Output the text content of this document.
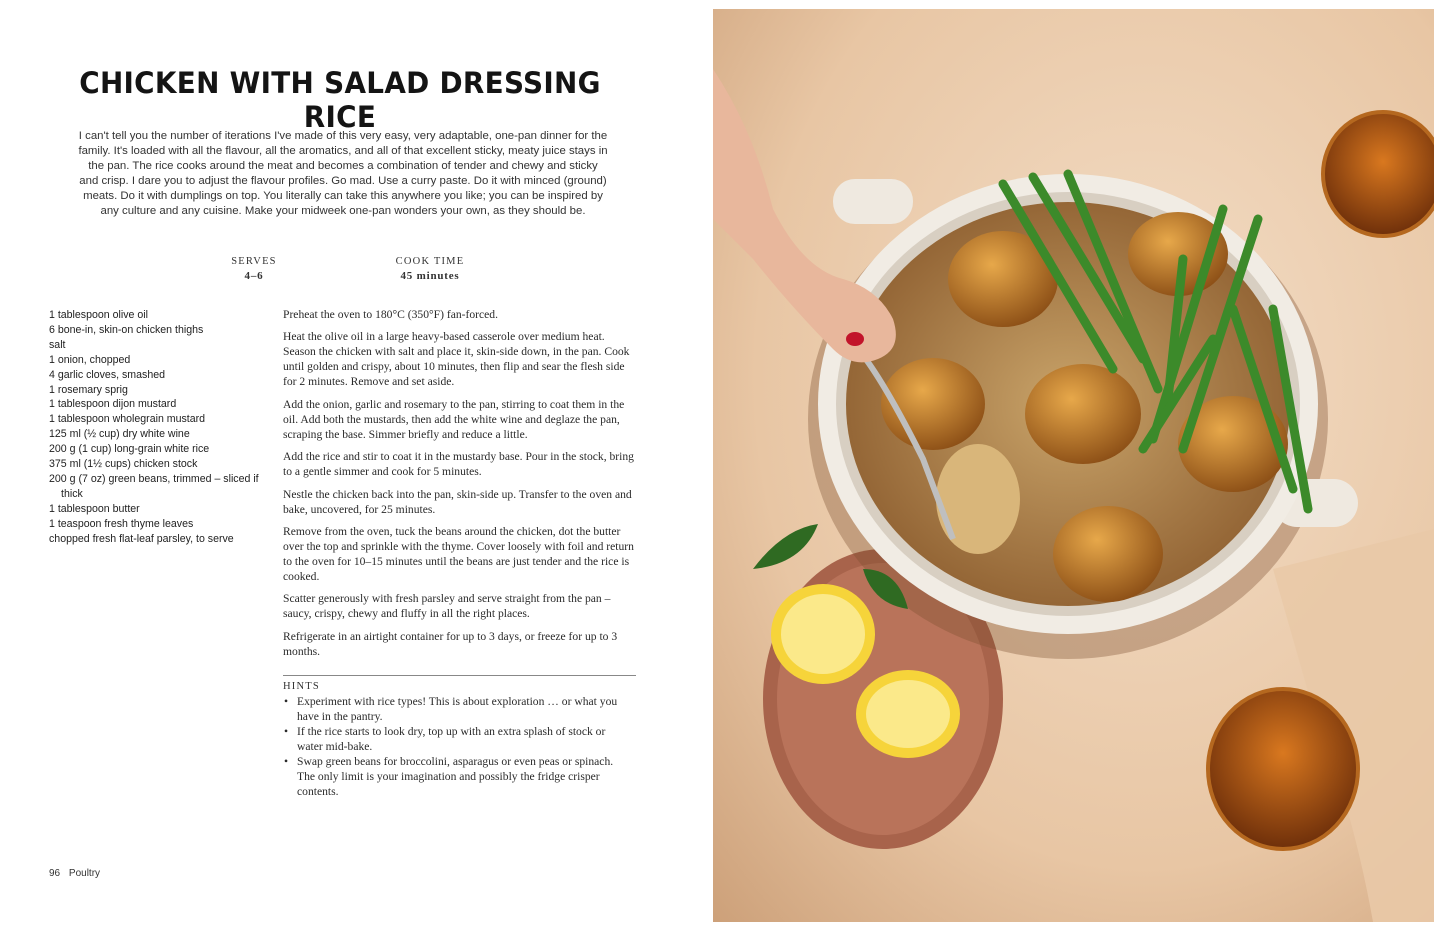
CHICKEN WITH SALAD DRESSING RICE

I can't tell you the number of iterations I've made of this very easy, very adaptable, one-pan dinner for the family. It's loaded with all the flavour, all the aromatics, and all of that excellent sticky, meaty juice stays in the pan. The rice cooks around the meat and becomes a combination of tender and chewy and sticky and crisp. I dare you to adjust the flavour profiles. Go mad. Use a curry paste. Do it with minced (ground) meats. Do it with dumplings on top. You literally can take this anywhere you like; you can be inspired by any culture and any cuisine. Make your midweek one-pan wonders your own, as they should be.

SERVES
4–6
COOK TIME
45 minutes
1 tablespoon olive oil
6 bone-in, skin-on chicken thighs
salt
1 onion, chopped
4 garlic cloves, smashed
1 rosemary sprig
1 tablespoon dijon mustard
1 tablespoon wholegrain mustard
125 ml (½ cup) dry white wine
200 g (1 cup) long-grain white rice
375 ml (1½ cups) chicken stock
200 g (7 oz) green beans, trimmed – sliced if thick
1 tablespoon butter
1 teaspoon fresh thyme leaves
chopped fresh flat-leaf parsley, to serve

Preheat the oven to 180°C (350°F) fan-forced.

Heat the olive oil in a large heavy-based casserole over medium heat. Season the chicken with salt and place it, skin-side down, in the pan. Cook until golden and crispy, about 10 minutes, then flip and sear the flesh side for 2 minutes. Remove and set aside.

Add the onion, garlic and rosemary to the pan, stirring to coat them in the oil. Add both the mustards, then add the white wine and deglaze the pan, scraping the base. Simmer briefly and reduce a little.

Add the rice and stir to coat it in the mustardy base. Pour in the stock, bring to a gentle simmer and cook for 5 minutes.

Nestle the chicken back into the pan, skin-side up. Transfer to the oven and bake, uncovered, for 25 minutes.

Remove from the oven, tuck the beans around the chicken, dot the butter over the top and sprinkle with the thyme. Cover loosely with foil and return to the oven for 10–15 minutes until the beans are just tender and the rice is cooked.

Scatter generously with fresh parsley and serve straight from the pan – saucy, crispy, chewy and fluffy in all the right places.

Refrigerate in an airtight container for up to 3 days, or freeze for up to 3 months.

HINTS
• Experiment with rice types! This is about exploration … or what you have in the pantry.
• If the rice starts to look dry, top up with an extra splash of stock or water mid-bake.
• Swap green beans for broccolini, asparagus or even peas or spinach. The only limit is your imagination and possibly the fridge crisper contents.
96 Poultry
